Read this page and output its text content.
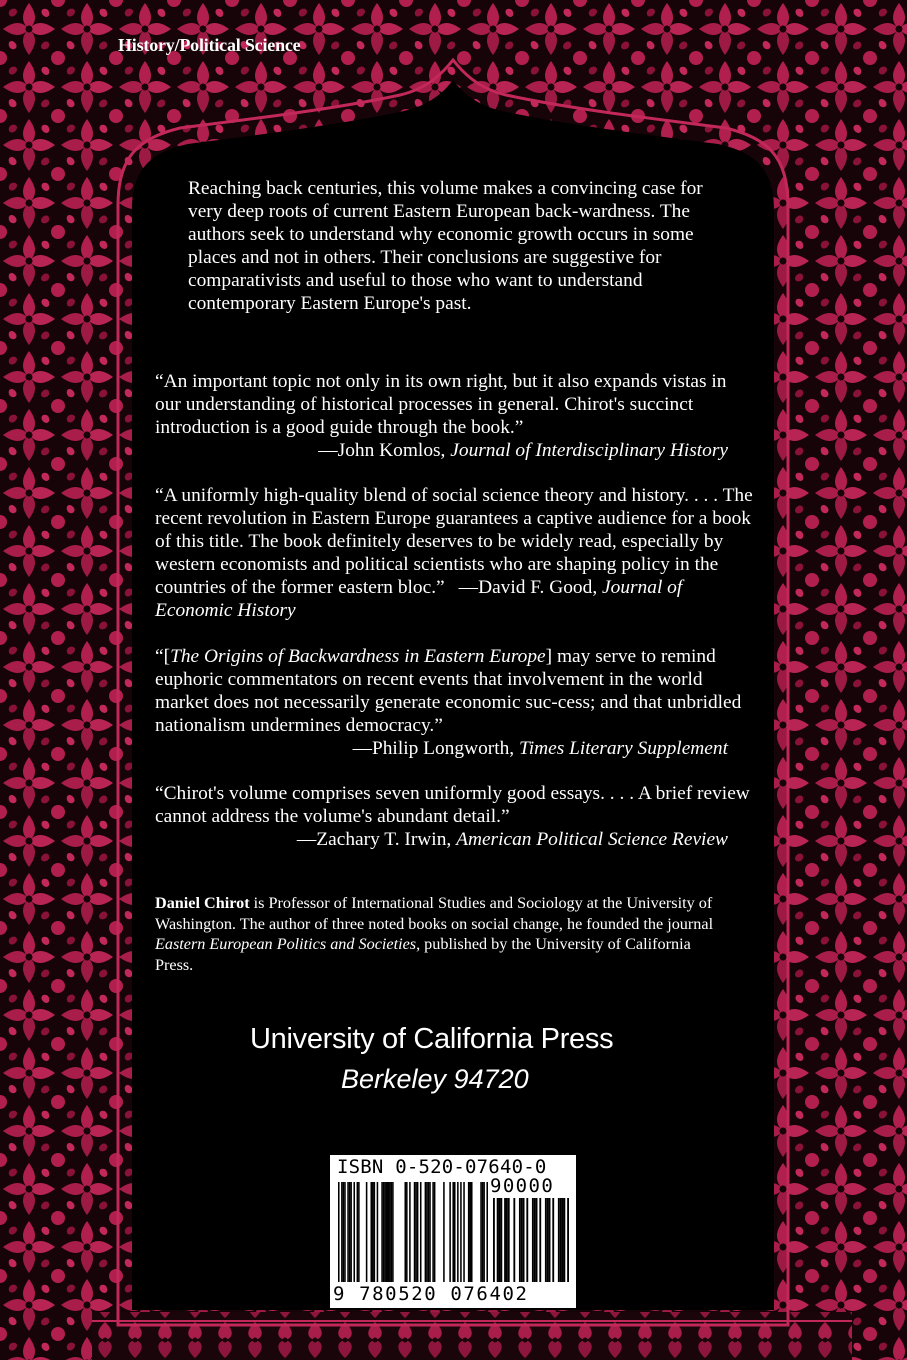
History/Political Science

Reaching back centuries, this volume makes a convincing case for very deep roots of current Eastern European back-wardness. The authors seek to understand why economic growth occurs in some places and not in others. Their conclusions are suggestive for comparativists and useful to those who want to understand contemporary Eastern Europe's past.

“An important topic not only in its own right, but it also expands vistas in our understanding of historical processes in general. Chirot's succinct introduction is a good guide through the book.”

—John Komlos, Journal of Interdisciplinary History

“A uniformly high-quality blend of social science theory and history. . . . The recent revolution in Eastern Europe guarantees a captive audience for a book of this title. The book definitely deserves to be widely read, especially by western economists and political scientists who are shaping policy in the countries of the former eastern bloc.” —David F. Good, Journal of Economic History

“[The Origins of Backwardness in Eastern Europe] may serve to remind euphoric commentators on recent events that involvement in the world market does not necessarily generate economic suc-cess; and that unbridled nationalism undermines democracy.”

—Philip Longworth, Times Literary Supplement

“Chirot's volume comprises seven uniformly good essays. . . . A brief review cannot address the volume's abundant detail.”

—Zachary T. Irwin, American Political Science Review
Daniel Chirot is Professor of International Studies and Sociology at the University of Washington. The author of three noted books on social change, he founded the journal Eastern European Politics and Societies, published by the University of California Press.
University of California Press
Berkeley 94720
ISBN 0-520-07640-0
90000
9 780520 076402
